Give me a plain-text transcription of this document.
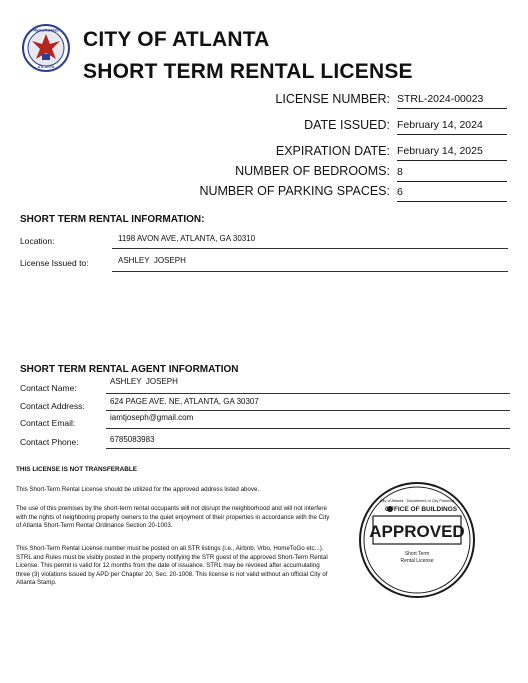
RESURGENS
ATLANTA
CITY OF ATLANTA
SHORT TERM RENTAL LICENSE
LICENSE NUMBER: STRL-2024-00023
DATE ISSUED: February 14, 2024
EXPIRATION DATE: February 14, 2025
NUMBER OF BEDROOMS: 8
NUMBER OF PARKING SPACES: 6
SHORT TERM RENTAL INFORMATION:
Location:	1198 AVON AVE, ATLANTA, GA 30310
License Issued to:	ASHLEY  JOSEPH
SHORT TERM RENTAL AGENT INFORMATION
Contact Name:
ASHLEY  JOSEPH
Contact Address:	624 PAGE AVE. NE, ATLANTA, GA 30307
Contact Email:
iamtjoseph@gmail.com
Contact Phone:	6785083983
THIS LICENSE IS NOT TRANSFERABLE
This Short-Term Rental License should be utilized for the approved address listed above.
The use of this premises by the short-term rental occupants will not disrupt the neighborhood and will not interfere with the rights of neighboring property owners to the quiet enjoyment of their properties in accordance with the City of Atlanta Short-Term Rental Ordinance Section 20-1003.
This Short-Term Rental License number must be posted on all STR listings (i.e., Airbnb, Vrbo, HomeToGo etc...). STRL and Rules must be visibly posted in the property notifying the STR guest of the approved Short-Term Rental License. This permit is valid for 12 months from the date of issuance. STRL may be revoked after accumulating three (3) violations issued by APD per Chapter 20, Sec. 20-1008. This license is not valid without an official City of Atlanta Stamp.
City of Atlanta · Department of City Planning
OFFICE OF BUILDINGS
APPROVED
Short Term
Rental License
